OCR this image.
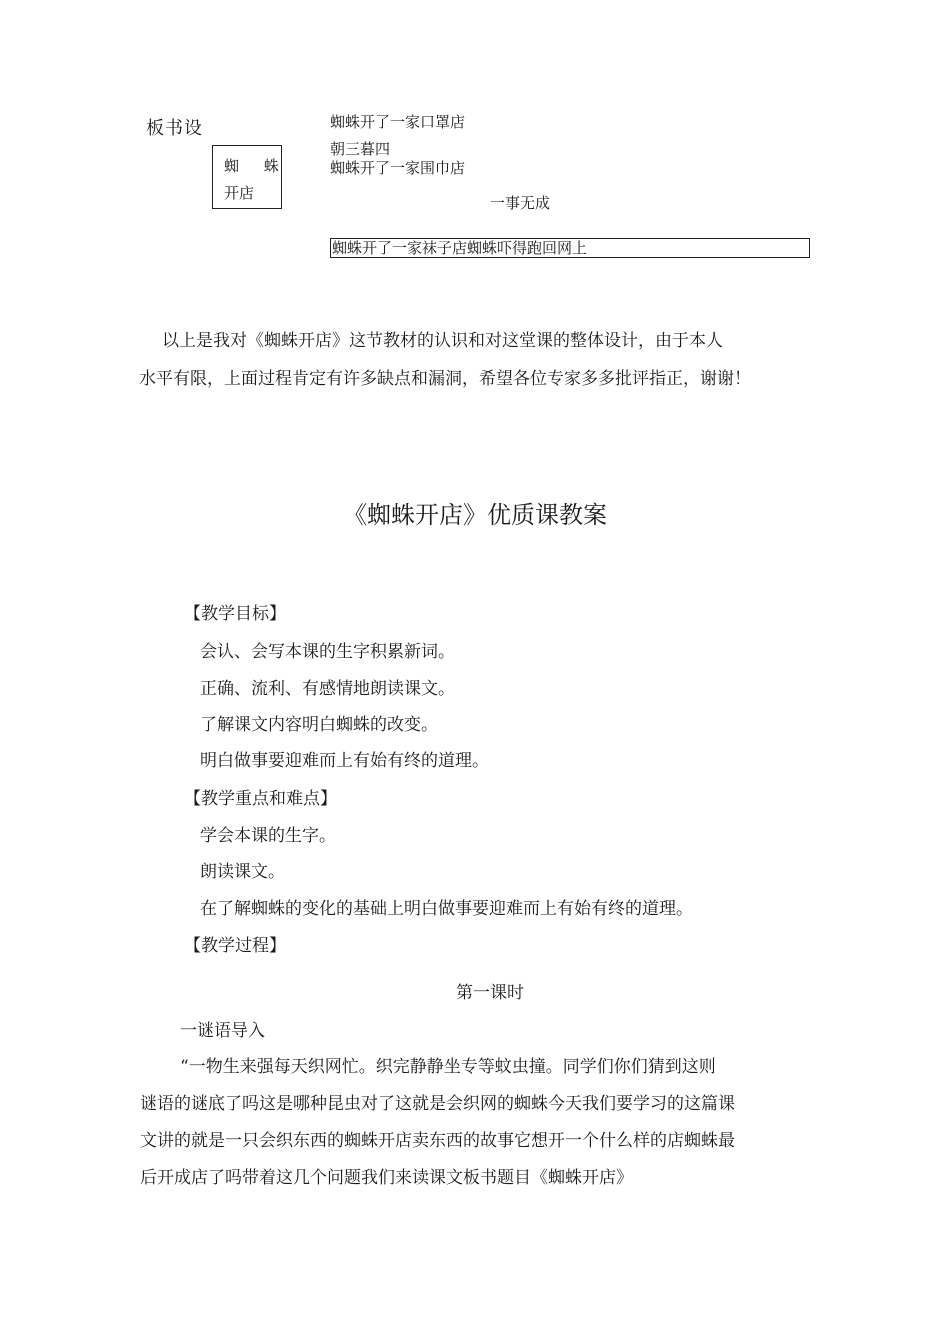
板书设
蜘 蛛
开店
蜘蛛开了一家口罩店
朝三暮四
蜘蛛开了一家围巾店
一事无成
蜘蛛开了一家袜子店蜘蛛吓得跑回网上
以上是我对《蜘蛛开店》这节教材的认识和对这堂课的整体设计，由于本人
水平有限，上面过程肯定有许多缺点和漏洞，希望各位专家多多批评指正，谢谢！
《蜘蛛开店》优质课教案
【教学目标】
会认、会写本课的生字积累新词。
正确、流利、有感情地朗读课文。
了解课文内容明白蜘蛛的改变。
明白做事要迎难而上有始有终的道理。
【教学重点和难点】
学会本课的生字。
朗读课文。
在了解蜘蛛的变化的基础上明白做事要迎难而上有始有终的道理。
【教学过程】
第一课时
一谜语导入
“一物生来强每天织网忙。织完静静坐专等蚊虫撞。同学们你们猜到这则
谜语的谜底了吗这是哪种昆虫对了这就是会织网的蜘蛛今天我们要学习的这篇课
文讲的就是一只会织东西的蜘蛛开店卖东西的故事它想开一个什么样的店蜘蛛最
后开成店了吗带着这几个问题我们来读课文板书题目《蜘蛛开店》
